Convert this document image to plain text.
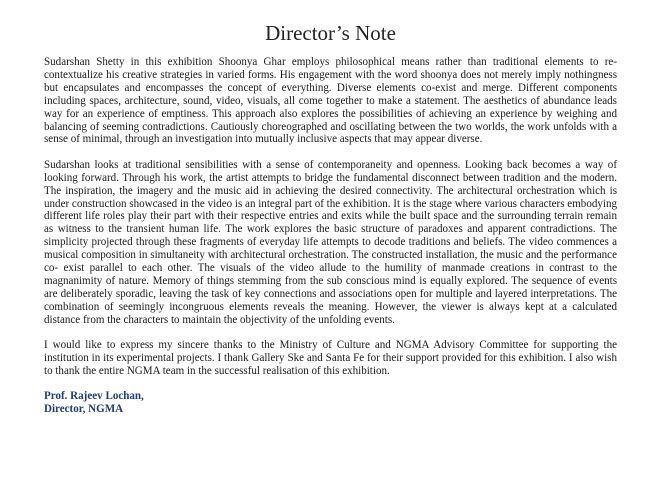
Director’s Note

Sudarshan Shetty in this exhibition Shoonya Ghar employs philosophical means rather than traditional elements to re-contextualize his creative strategies in varied forms. His engagement with the word shoonya does not merely imply nothingness but encapsulates and encompasses the concept of everything. Diverse elements co-exist and merge. Different components including spaces, architecture, sound, video, visuals, all come together to make a statement. The aesthetics of abundance leads way for an experience of emptiness. This approach also explores the possibilities of achieving an experience by weighing and balancing of seeming contradictions. Cautiously choreographed and oscillating between the two worlds, the work unfolds with a sense of minimal, through an investigation into mutually inclusive aspects that may appear diverse.

Sudarshan looks at traditional sensibilities with a sense of contemporaneity and openness. Looking back becomes a way of looking forward. Through his work, the artist attempts to bridge the fundamental disconnect between tradition and the modern. The inspiration, the imagery and the music aid in achieving the desired connectivity. The architectural orchestration which is under construction showcased in the video is an integral part of the exhibition. It is the stage where various characters embodying different life roles play their part with their respective entries and exits while the built space and the surrounding terrain remain as witness to the transient human life. The work explores the basic structure of paradoxes and apparent contradictions. The simplicity projected through these fragments of everyday life attempts to decode traditions and beliefs. The video commences a musical composition in simultaneity with architectural orchestration. The constructed installation, the music and the performance co- exist parallel to each other. The visuals of the video allude to the humility of manmade creations in contrast to the magnanimity of nature. Memory of things stemming from the sub conscious mind is equally explored. The sequence of events are deliberately sporadic, leaving the task of key connections and associations open for multiple and layered interpretations. The combination of seemingly incongruous elements reveals the meaning. However, the viewer is always kept at a calculated distance from the characters to maintain the objectivity of the unfolding events.

I would like to express my sincere thanks to the Ministry of Culture and NGMA Advisory Committee for supporting the institution in its experimental projects. I thank Gallery Ske and Santa Fe for their support provided for this exhibition. I also wish to thank the entire NGMA team in the successful realisation of this exhibition.

Prof. Rajeev Lochan,

Director, NGMA
